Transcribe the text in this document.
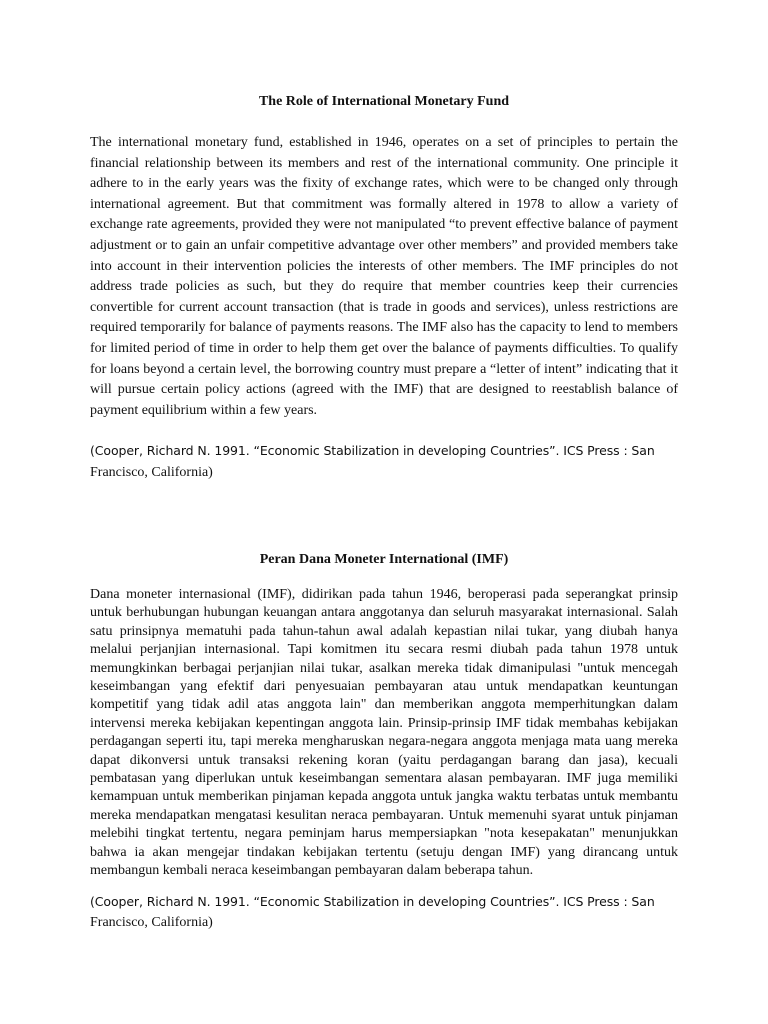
The Role of International Monetary Fund

The international monetary fund, established in 1946, operates on a set of principles to pertain the financial relationship between its members and rest of the international community. One principle it adhere to in the early years was the fixity of exchange rates, which were to be changed only through international agreement. But that commitment was formally altered in 1978 to allow a variety of exchange rate agreements, provided they were not manipulated “to prevent effective balance of payment adjustment or to gain an unfair competitive advantage over other members” and provided members take into account in their intervention policies the interests of other members. The IMF principles do not address trade policies as such, but they do require that member countries keep their currencies convertible for current account transaction (that is trade in goods and services), unless restrictions are required temporarily for balance of payments reasons. The IMF also has the capacity to lend to members for limited period of time in order to help them get over the balance of payments difficulties. To qualify for loans beyond a certain level, the borrowing country must prepare a “letter of intent” indicating that it will pursue certain policy actions (agreed with the IMF) that are designed to reestablish balance of payment equilibrium within a few years.

(Cooper, Richard N. 1991. “Economic Stabilization in developing Countries”. ICS Press : San
Francisco, California)

Peran Dana Moneter International (IMF)

Dana moneter internasional (IMF), didirikan pada tahun 1946, beroperasi pada seperangkat prinsip untuk berhubungan hubungan keuangan antara anggotanya dan seluruh masyarakat internasional. Salah satu prinsipnya mematuhi pada tahun-tahun awal adalah kepastian nilai tukar, yang diubah hanya melalui perjanjian internasional. Tapi komitmen itu secara resmi diubah pada tahun 1978 untuk memungkinkan berbagai perjanjian nilai tukar, asalkan mereka tidak dimanipulasi "untuk mencegah keseimbangan yang efektif dari penyesuaian pembayaran atau untuk mendapatkan keuntungan kompetitif yang tidak adil atas anggota lain" dan memberikan anggota memperhitungkan dalam intervensi mereka kebijakan kepentingan anggota lain. Prinsip-prinsip IMF tidak membahas kebijakan perdagangan seperti itu, tapi mereka mengharuskan negara-negara anggota menjaga mata uang mereka dapat dikonversi untuk transaksi rekening koran (yaitu perdagangan barang dan jasa), kecuali pembatasan yang diperlukan untuk keseimbangan sementara alasan pembayaran. IMF juga memiliki kemampuan untuk memberikan pinjaman kepada anggota untuk jangka waktu terbatas untuk membantu mereka mendapatkan mengatasi kesulitan neraca pembayaran. Untuk memenuhi syarat untuk pinjaman melebihi tingkat tertentu, negara peminjam harus mempersiapkan "nota kesepakatan" menunjukkan bahwa ia akan mengejar tindakan kebijakan tertentu (setuju dengan IMF) yang dirancang untuk membangun kembali neraca keseimbangan pembayaran dalam beberapa tahun.

(Cooper, Richard N. 1991. “Economic Stabilization in developing Countries”. ICS Press : San
Francisco, California)
